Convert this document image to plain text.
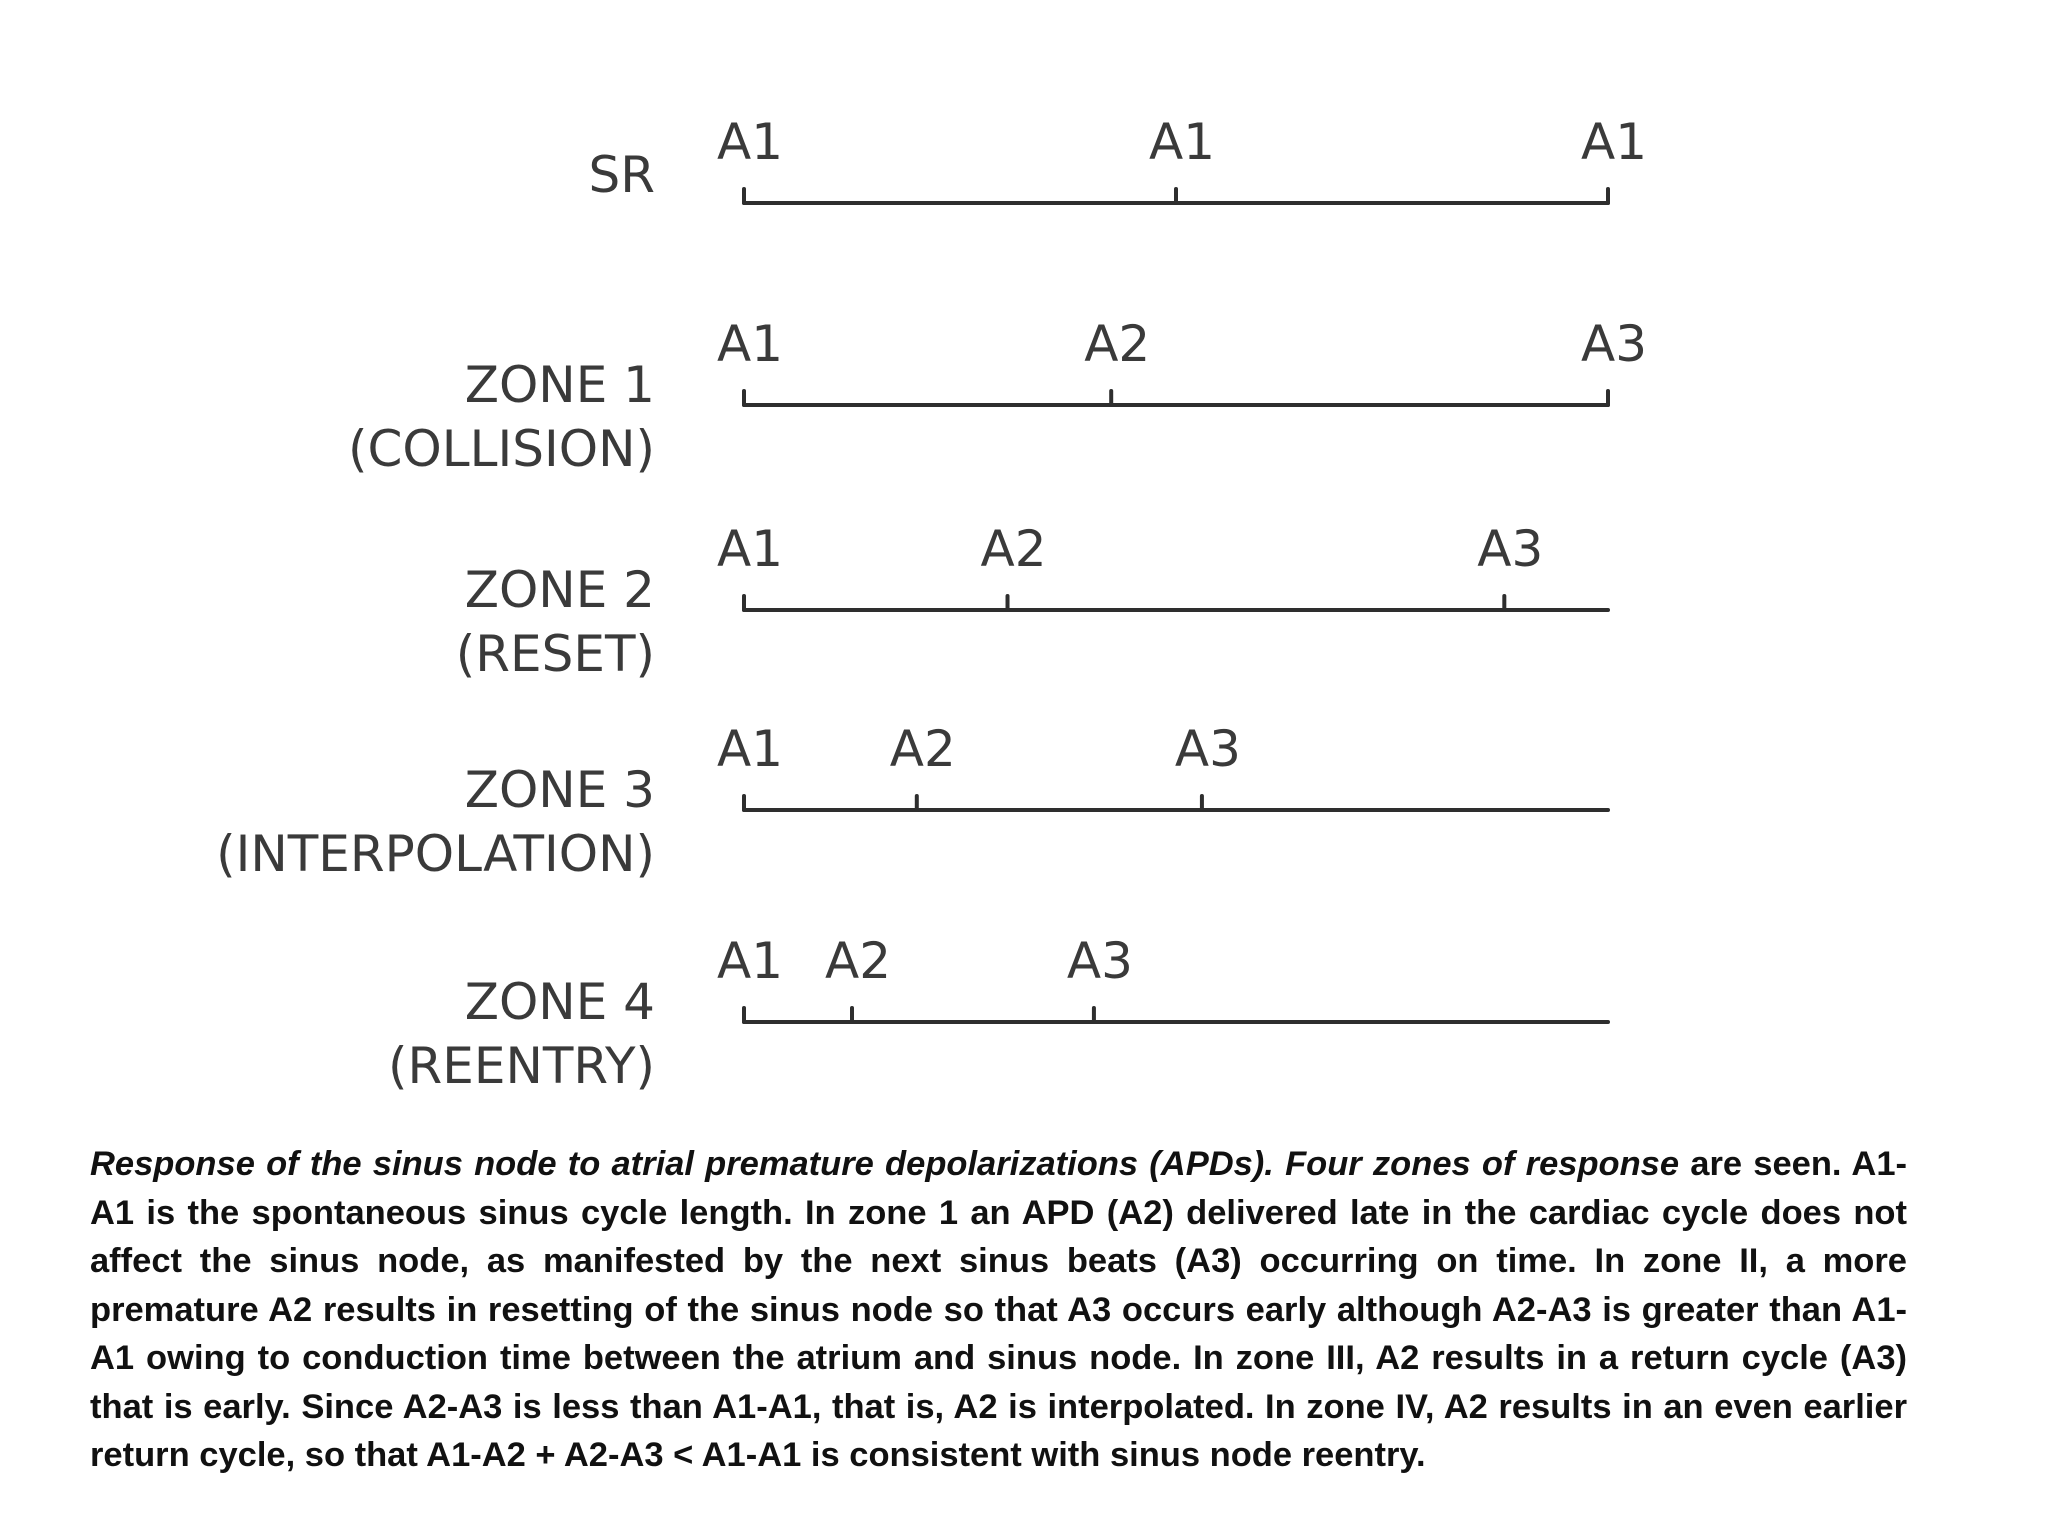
SR
A1	A1	A1
ZONE 1
(COLLISION)
A1	A2	A3
ZONE 2
(RESET)
A1	A2	A3
ZONE 3
(INTERPOLATION)
A1 A2	A3
ZONE 4
(REENTRY)
A1 A2	A3

Response of the sinus node to atrial premature depolarizations (APDs). Four zones of response are seen. A1-A1 is the spontaneous sinus cycle length. In zone 1 an APD (A2) delivered late in the cardiac cycle does not affect the sinus node, as manifested by the next sinus beats (A3) occurring on time. In zone II, a more premature A2 results in resetting of the sinus node so that A3 occurs early although A2-A3 is greater than A1-A1 owing to conduction time between the atrium and sinus node. In zone III, A2 results in a return cycle (A3) that is early. Since A2-A3 is less than A1-A1, that is, A2 is interpolated. In zone IV, A2 results in an even earlier return cycle, so that A1-A2 + A2-A3 < A1-A1 is consistent with sinus node reentry.
